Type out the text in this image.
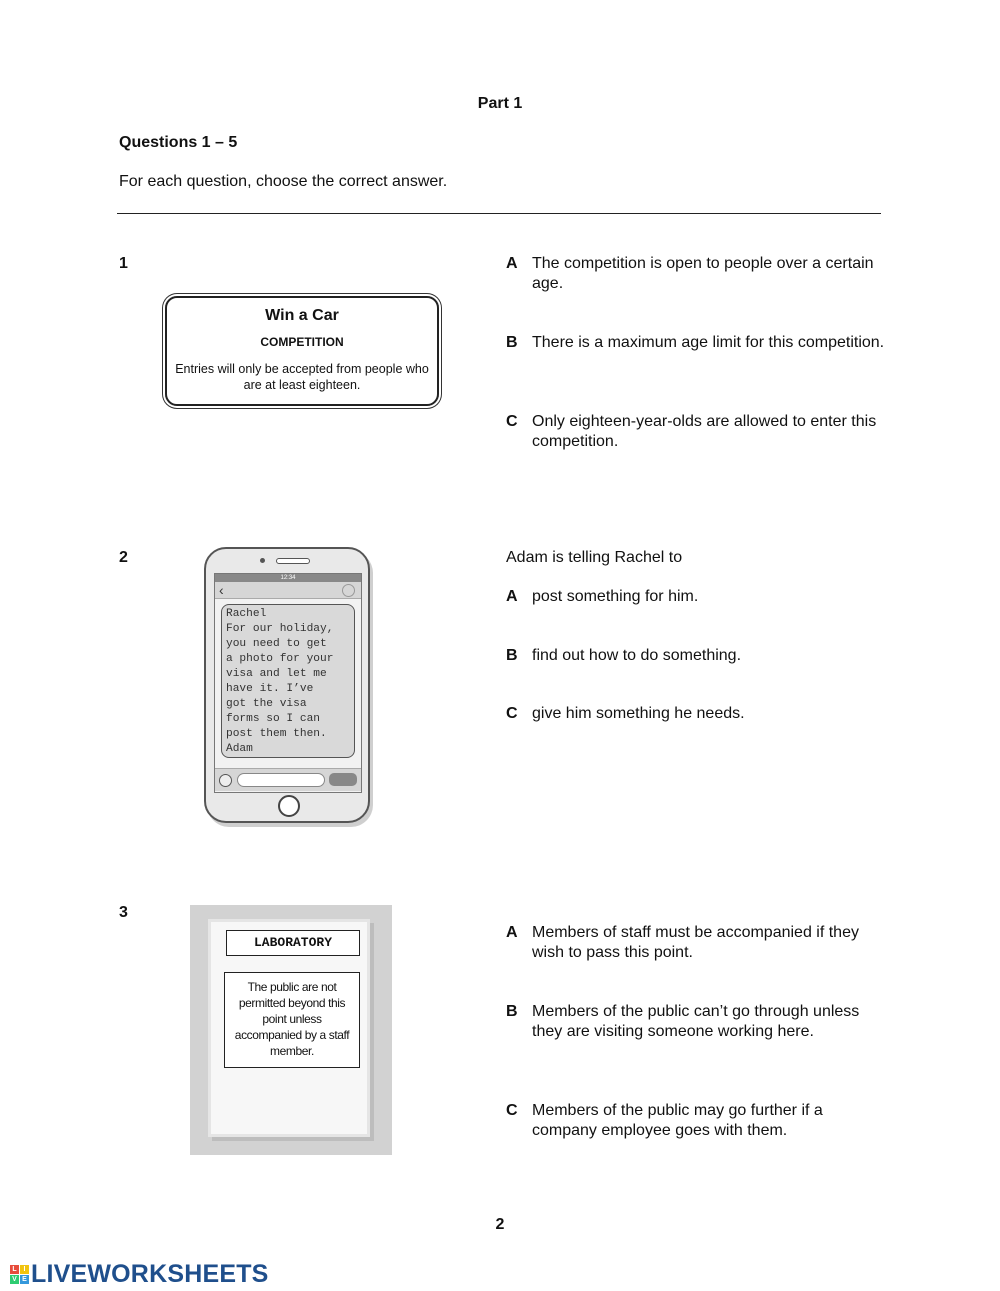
Part 1
Questions 1 – 5
For each question, choose the correct answer.
1
Win a Car
COMPETITION
Entries will only be accepted from people who are at least eighteen.
A The competition is open to people over a certain age.
B There is a maximum age limit for this competition.
C Only eighteen-year-olds are allowed to enter this competition.
2
12:34
‹
Rachel
For our holiday,
you need to get
a photo for your
visa and let me
have it. I’ve
got the visa
forms so I can
post them then.
Adam
Adam is telling Rachel to
A post something for him.
B find out how to do something.
C give him something he needs.
3
LABORATORY
The public are not permitted beyond this point unless accompanied by a staff member.
A Members of staff must be accompanied if they wish to pass this point.
B Members of the public can’t go through unless they are visiting someone working here.
C Members of the public may go further if a company employee goes with them.
2
L I
V E LIVEWORKSHEETS
